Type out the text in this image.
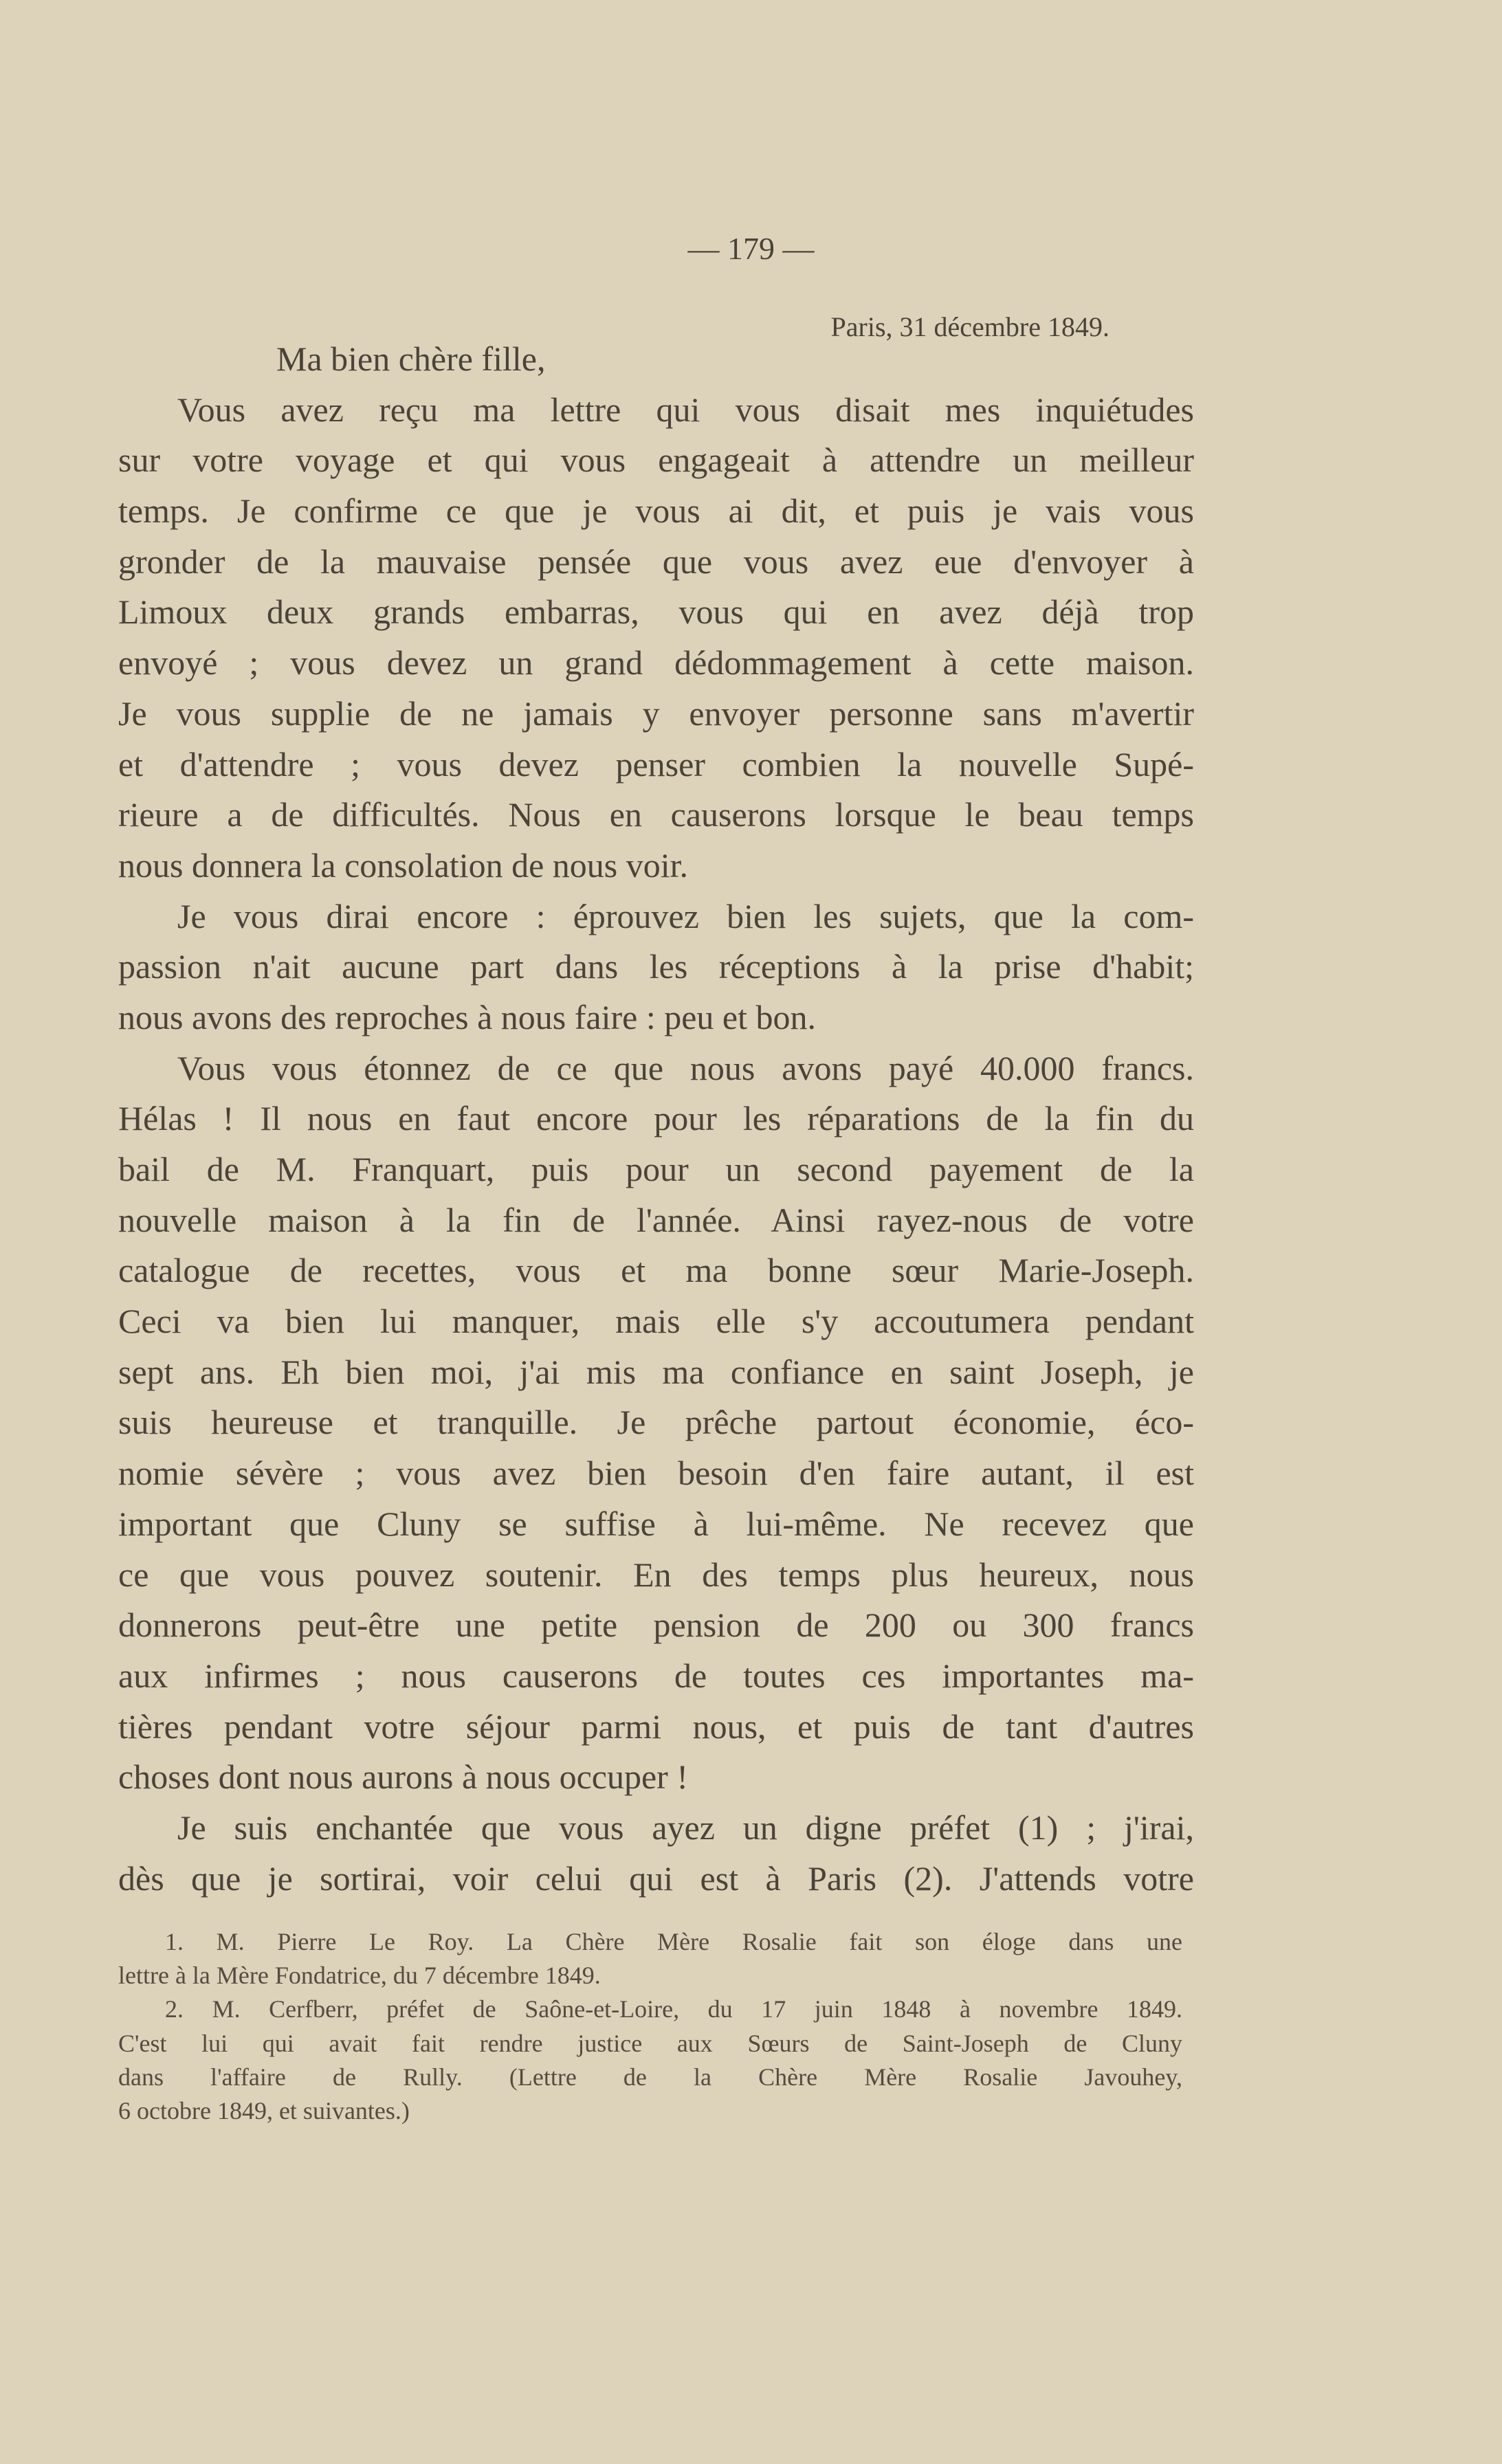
— 179 —
Paris, 31 décembre 1849.
Ma bien chère fille,
Vous avez reçu ma lettre qui vous disait mes inquiétudes
sur votre voyage et qui vous engageait à attendre un meilleur
temps. Je confirme ce que je vous ai dit, et puis je vais vous
gronder de la mauvaise pensée que vous avez eue d'envoyer à
Limoux deux grands embarras, vous qui en avez déjà trop
envoyé ; vous devez un grand dédommagement à cette maison.
Je vous supplie de ne jamais y envoyer personne sans m'avertir
et d'attendre ; vous devez penser combien la nouvelle Supé-
rieure a de difficultés. Nous en causerons lorsque le beau temps
nous donnera la consolation de nous voir.
Je vous dirai encore : éprouvez bien les sujets, que la com-
passion n'ait aucune part dans les réceptions à la prise d'habit;
nous avons des reproches à nous faire : peu et bon.
Vous vous étonnez de ce que nous avons payé 40.000 francs.
Hélas ! Il nous en faut encore pour les réparations de la fin du
bail de M. Franquart, puis pour un second payement de la
nouvelle maison à la fin de l'année. Ainsi rayez-nous de votre
catalogue de recettes, vous et ma bonne sœur Marie-Joseph.
Ceci va bien lui manquer, mais elle s'y accoutumera pendant
sept ans. Eh bien moi, j'ai mis ma confiance en saint Joseph, je
suis heureuse et tranquille. Je prêche partout économie, éco-
nomie sévère ; vous avez bien besoin d'en faire autant, il est
important que Cluny se suffise à lui-même. Ne recevez que
ce que vous pouvez soutenir. En des temps plus heureux, nous
donnerons peut-être une petite pension de 200 ou 300 francs
aux infirmes ; nous causerons de toutes ces importantes ma-
tières pendant votre séjour parmi nous, et puis de tant d'autres
choses dont nous aurons à nous occuper !
Je suis enchantée que vous ayez un digne préfet (1) ; j'irai,
dès que je sortirai, voir celui qui est à Paris (2). J'attends votre
1. M. Pierre Le Roy. La Chère Mère Rosalie fait son éloge dans une
lettre à la Mère Fondatrice, du 7 décembre 1849.
2. M. Cerfberr, préfet de Saône-et-Loire, du 17 juin 1848 à novembre 1849.
C'est lui qui avait fait rendre justice aux Sœurs de Saint-Joseph de Cluny
dans l'affaire de Rully. (Lettre de la Chère Mère Rosalie Javouhey,
6 octobre 1849, et suivantes.)
